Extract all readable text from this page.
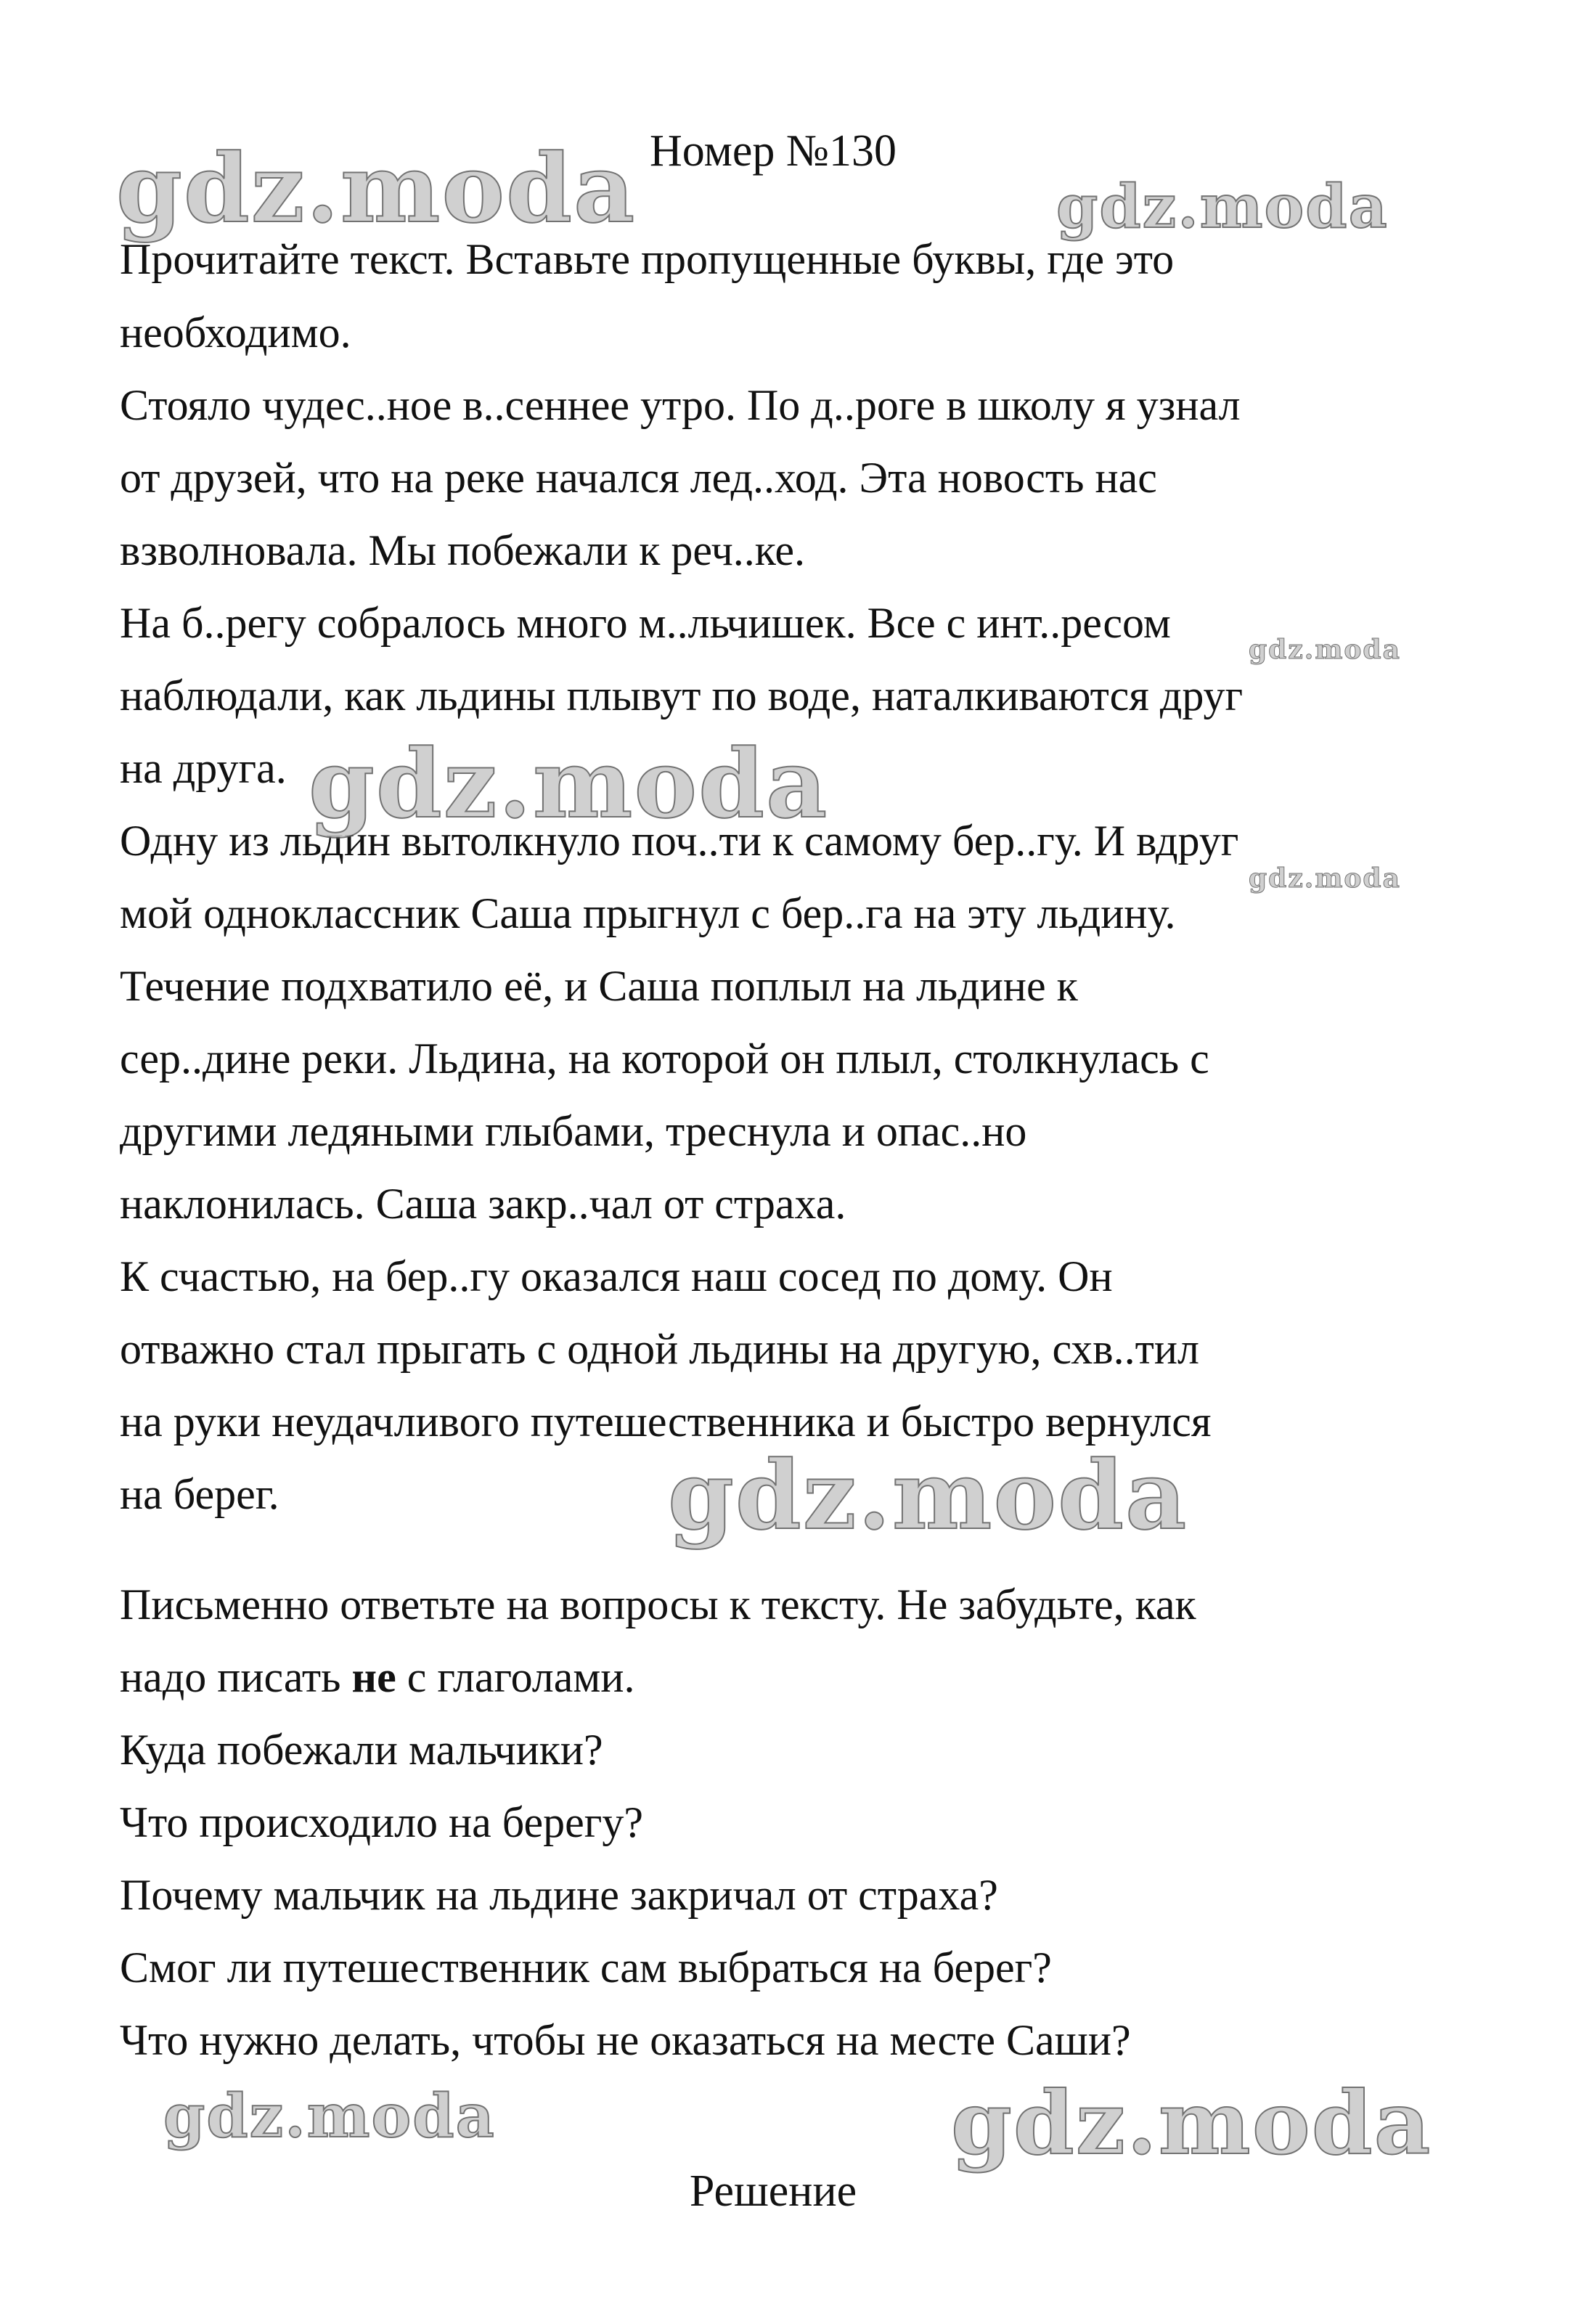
Номер №130

Прочитайте текст. Вставьте пропущенные буквы, где это

необходимо.

Стояло чудес..ное в..сеннее утро. По д..роге в школу я узнал

от друзей, что на реке начался лед..ход. Эта новость нас

взволновала. Мы побежали к реч..ке.

На б..регу собралось много м..льчишек. Все с инт..ресом

наблюдали, как льдины плывут по воде, наталкиваются друг

на друга.

Одну из льдин вытолкнуло поч..ти к самому бер..гу. И вдруг

мой одноклассник Саша прыгнул с бер..га на эту льдину.

Течение подхватило её, и Саша поплыл на льдине к

сер..дине реки. Льдина, на которой он плыл, столкнулась с

другими ледяными глыбами, треснула и опас..но

наклонилась. Саша закр..чал от страха.

К счастью, на бер..гу оказался наш сосед по дому. Он

отважно стал прыгать с одной льдины на другую, схв..тил

на руки неудачливого путешественника и быстро вернулся

на берег.

Письменно ответьте на вопросы к тексту. Не забудьте, как

надо писать не с глаголами.

Куда побежали мальчики?

Что происходило на берегу?

Почему мальчик на льдине закричал от страха?

Смог ли путешественник сам выбраться на берег?

Что нужно делать, чтобы не оказаться на месте Саши?

Решение

gdz.moda	gdz.moda
gdz.moda
gdz.moda
gdz.moda
gdz.moda
gdz.moda	gdz.moda
